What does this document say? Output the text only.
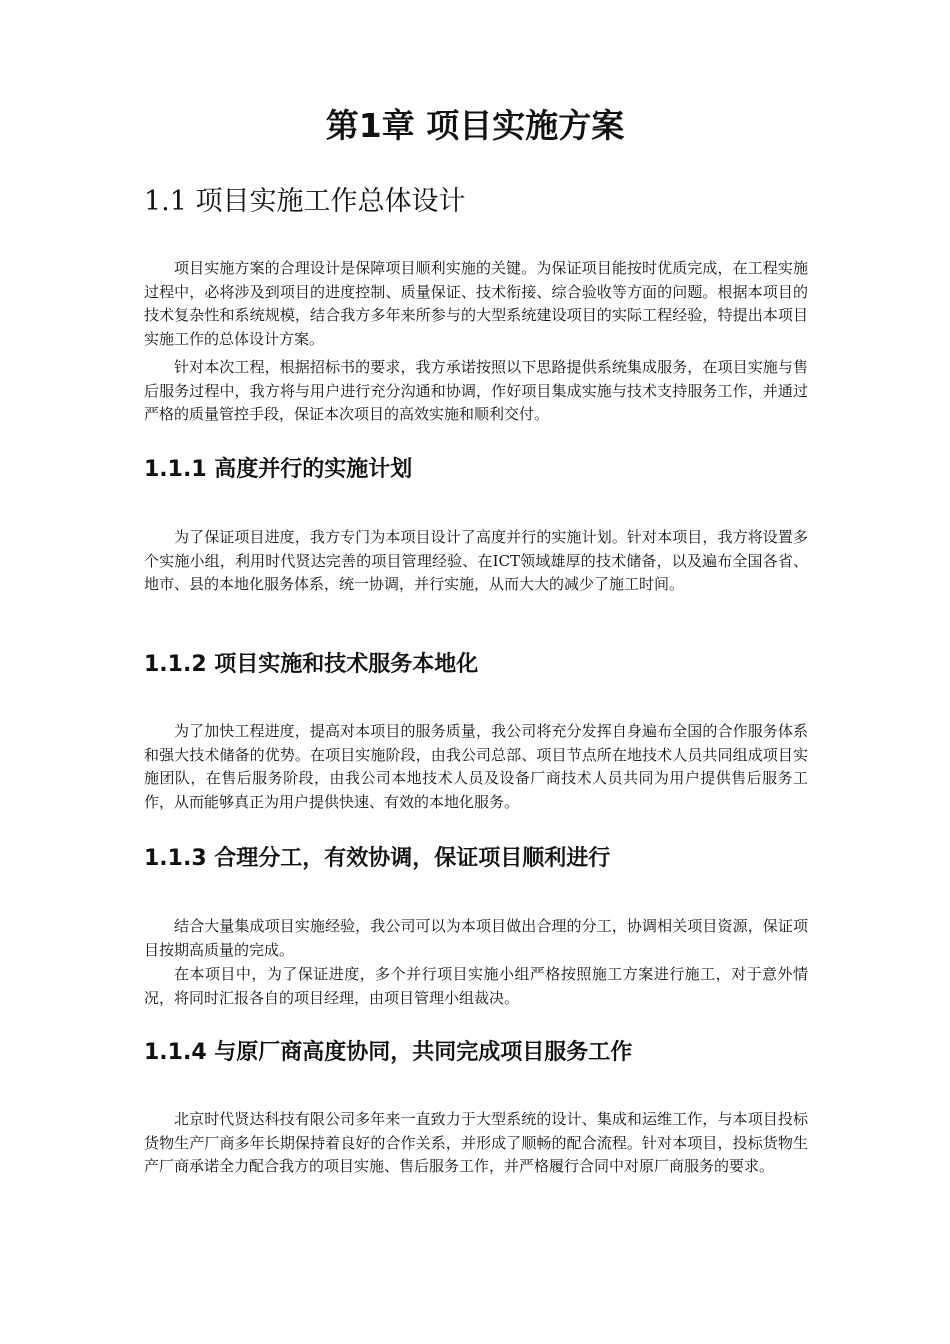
第1章 项目实施方案
1.1 项目实施工作总体设计

项目实施方案的合理设计是保障项目顺利实施的关键。为保证项目能按时优质完成，在工程实施过程中，必将涉及到项目的进度控制、质量保证、技术衔接、综合验收等方面的问题。根据本项目的技术复杂性和系统规模，结合我方多年来所参与的大型系统建设项目的实际工程经验，特提出本项目实施工作的总体设计方案。

针对本次工程，根据招标书的要求，我方承诺按照以下思路提供系统集成服务，在项目实施与售后服务过程中，我方将与用户进行充分沟通和协调，作好项目集成实施与技术支持服务工作，并通过严格的质量管控手段，保证本次项目的高效实施和顺利交付。

1.1.1 高度并行的实施计划

为了保证项目进度，我方专门为本项目设计了高度并行的实施计划。针对本项目，我方将设置多个实施小组，利用时代贤达完善的项目管理经验、在ICT领域雄厚的技术储备，以及遍布全国各省、地市、县的本地化服务体系，统一协调，并行实施，从而大大的减少了施工时间。

1.1.2 项目实施和技术服务本地化

为了加快工程进度，提高对本项目的服务质量，我公司将充分发挥自身遍布全国的合作服务体系和强大技术储备的优势。在项目实施阶段，由我公司总部、项目节点所在地技术人员共同组成项目实施团队，在售后服务阶段，由我公司本地技术人员及设备厂商技术人员共同为用户提供售后服务工作，从而能够真正为用户提供快速、有效的本地化服务。

1.1.3 合理分工，有效协调，保证项目顺利进行

结合大量集成项目实施经验，我公司可以为本项目做出合理的分工，协调相关项目资源，保证项目按期高质量的完成。

在本项目中，为了保证进度，多个并行项目实施小组严格按照施工方案进行施工，对于意外情况，将同时汇报各自的项目经理，由项目管理小组裁决。

1.1.4 与原厂商高度协同，共同完成项目服务工作

北京时代贤达科技有限公司多年来一直致力于大型系统的设计、集成和运维工作，与本项目投标货物生产厂商多年长期保持着良好的合作关系，并形成了顺畅的配合流程。针对本项目，投标货物生产厂商承诺全力配合我方的项目实施、售后服务工作，并严格履行合同中对原厂商服务的要求。
